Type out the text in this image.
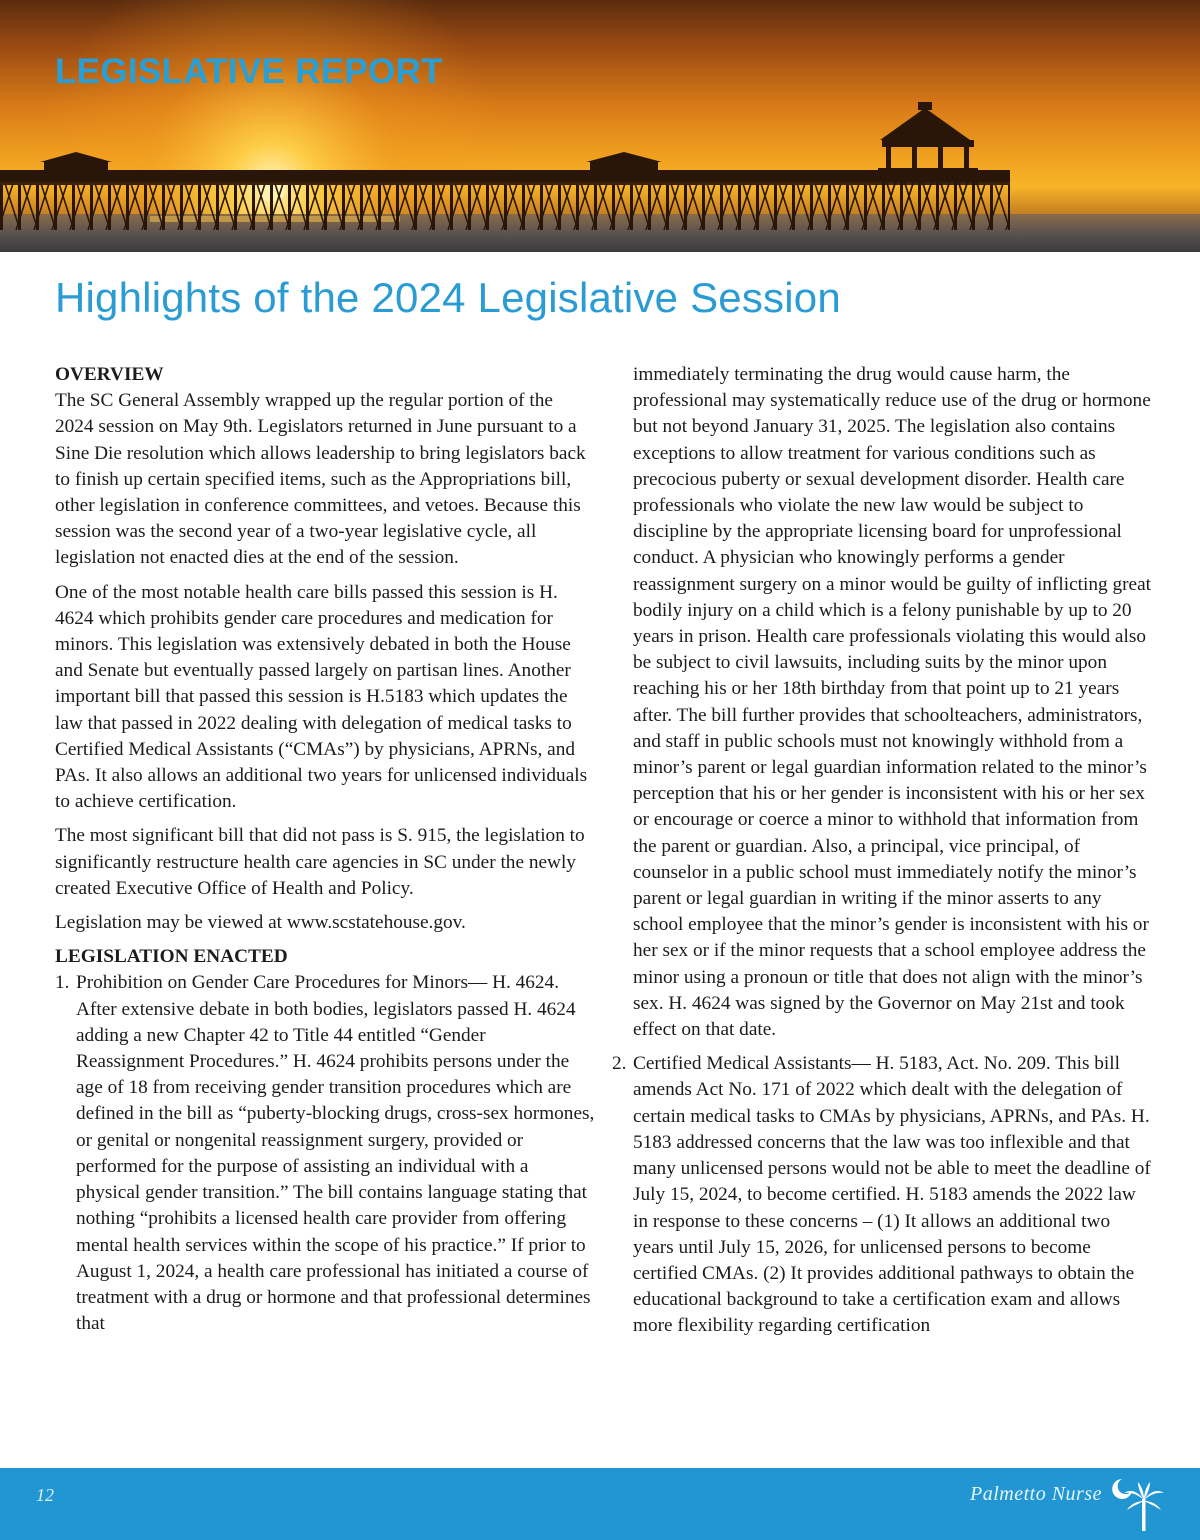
LEGISLATIVE REPORT
Highlights of the 2024 Legislative Session
OVERVIEW

The SC General Assembly wrapped up the regular portion of the 2024 session on May 9th. Legislators returned in June pursuant to a Sine Die resolution which allows leadership to bring legislators back to finish up certain specified items, such as the Appropriations bill, other legislation in conference committees, and vetoes. Because this session was the second year of a two-year legislative cycle, all legislation not enacted dies at the end of the session.

One of the most notable health care bills passed this session is H. 4624 which prohibits gender care procedures and medication for minors. This legislation was extensively debated in both the House and Senate but eventually passed largely on partisan lines. Another important bill that passed this session is H.5183 which updates the law that passed in 2022 dealing with delegation of medical tasks to Certified Medical Assistants (“CMAs”) by physicians, APRNs, and PAs. It also allows an additional two years for unlicensed individuals to achieve certification.

The most significant bill that did not pass is S. 915, the legislation to significantly restructure health care agencies in SC under the newly created Executive Office of Health and Policy.

Legislation may be viewed at www.scstatehouse.gov.

LEGISLATION ENACTED
1. Prohibition on Gender Care Procedures for Minors— H. 4624. After extensive debate in both bodies, legislators passed H. 4624 adding a new Chapter 42 to Title 44 entitled “Gender Reassignment Procedures.” H. 4624 prohibits persons under the age of 18 from receiving gender transition procedures which are defined in the bill as “puberty-blocking drugs, cross-sex hormones, or genital or nongenital reassignment surgery, provided or performed for the purpose of assisting an individual with a physical gender transition.” The bill contains language stating that nothing “prohibits a licensed health care provider from offering mental health services within the scope of his practice.” If prior to August 1, 2024, a health care professional has initiated a course of treatment with a drug or hormone and that professional determines that

immediately terminating the drug would cause harm, the professional may systematically reduce use of the drug or hormone but not beyond January 31, 2025. The legislation also contains exceptions to allow treatment for various conditions such as precocious puberty or sexual development disorder. Health care professionals who violate the new law would be subject to discipline by the appropriate licensing board for unprofessional conduct. A physician who knowingly performs a gender reassignment surgery on a minor would be guilty of inflicting great bodily injury on a child which is a felony punishable by up to 20 years in prison. Health care professionals violating this would also be subject to civil lawsuits, including suits by the minor upon reaching his or her 18th birthday from that point up to 21 years after. The bill further provides that schoolteachers, administrators, and staff in public schools must not knowingly withhold from a minor’s parent or legal guardian information related to the minor’s perception that his or her gender is inconsistent with his or her sex or encourage or coerce a minor to withhold that information from the parent or guardian. Also, a principal, vice principal, of counselor in a public school must immediately notify the minor’s parent or legal guardian in writing if the minor asserts to any school employee that the minor’s gender is inconsistent with his or her sex or if the minor requests that a school employee address the minor using a pronoun or title that does not align with the minor’s sex. H. 4624 was signed by the Governor on May 21st and took effect on that date.

2. Certified Medical Assistants— H. 5183, Act. No. 209. This bill amends Act No. 171 of 2022 which dealt with the delegation of certain medical tasks to CMAs by physicians, APRNs, and PAs. H. 5183 addressed concerns that the law was too inflexible and that many unlicensed persons would not be able to meet the deadline of July 15, 2024, to become certified. H. 5183 amends the 2022 law in response to these concerns – (1) It allows an additional two years until July 15, 2026, for unlicensed persons to become certified CMAs. (2) It provides additional pathways to obtain the educational background to take a certification exam and allows more flexibility regarding certification
12	Palmetto Nurse
